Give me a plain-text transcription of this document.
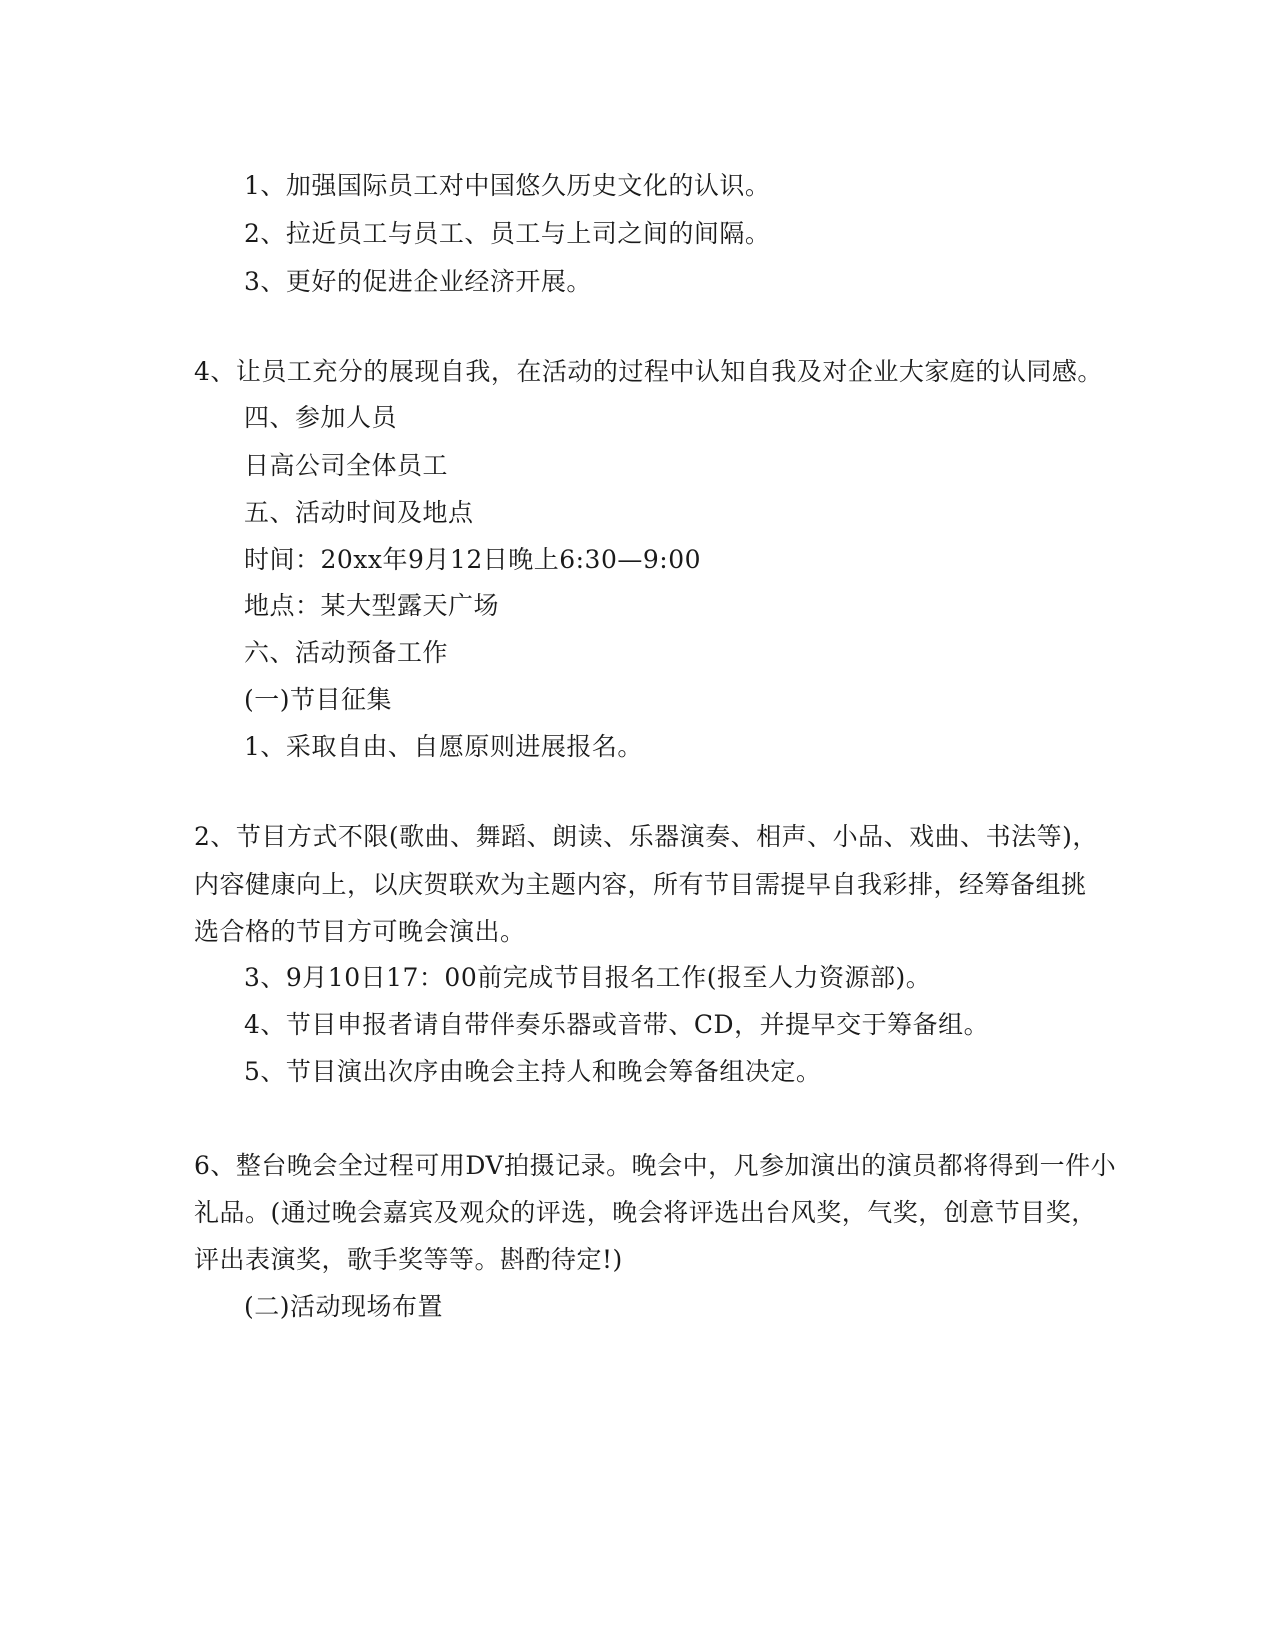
1、加强国际员工对中国悠久历史文化的认识。
2、拉近员工与员工、员工与上司之间的间隔。
3、更好的促进企业经济开展。
4、让员工充分的展现自我，在活动的过程中认知自我及对企业大家庭的认同感。
四、参加人员
日高公司全体员工
五、活动时间及地点
时间：20xx年9月12日晚上6:30—9:00
地点：某大型露天广场
六、活动预备工作
(一)节目征集
1、采取自由、自愿原则进展报名。
2、节目方式不限(歌曲、舞蹈、朗读、乐器演奏、相声、小品、戏曲、书法等)，
内容健康向上，以庆贺联欢为主题内容，所有节目需提早自我彩排，经筹备组挑
选合格的节目方可晚会演出。
3、9月10日17：00前完成节目报名工作(报至人力资源部)。
4、节目申报者请自带伴奏乐器或音带、CD，并提早交于筹备组。
5、节目演出次序由晚会主持人和晚会筹备组决定。
6、整台晚会全过程可用DV拍摄记录。晚会中，凡参加演出的演员都将得到一件小
礼品。(通过晚会嘉宾及观众的评选，晚会将评选出台风奖，气奖，创意节目奖，
评出表演奖，歌手奖等等。斟酌待定!)
(二)活动现场布置
